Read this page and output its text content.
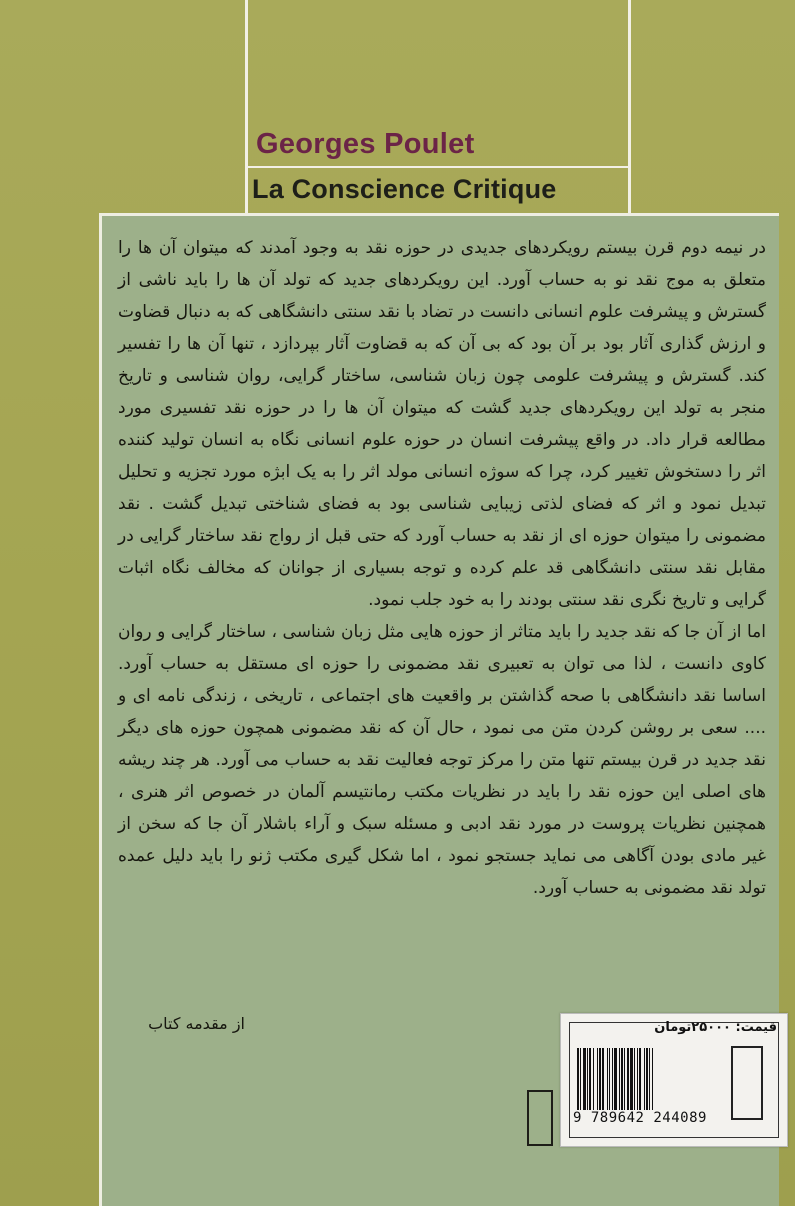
Georges Poulet
La Conscience Critique

در نیمه دوم قرن بیستم رویکردهای جدیدی در حوزه نقد به وجود آمدند که میتوان آن ها را متعلق به موج نقد نو به حساب آورد. این رویکردهای جدید که تولد آن ها را باید ناشی از گسترش و پیشرفت علوم انسانی دانست در تضاد با نقد سنتی دانشگاهی که به دنبال قضاوت و ارزش گذاری آثار بود بر آن بود که بی آن که به قضاوت آثار بپردازد ، تنها آن ها را تفسیر کند. گسترش و پیشرفت علومی چون زبان شناسی، ساختار گرایی، روان شناسی و تاریخ منجر به تولد این رویکردهای جدید گشت که میتوان آن ها را در حوزه نقد تفسیری مورد مطالعه قرار داد. در واقع پیشرفت انسان در حوزه علوم انسانی نگاه به انسان تولید کننده اثر را دستخوش تغییر کرد، چرا که سوژه انسانی مولد اثر را به یک ابژه مورد تجزیه و تحلیل تبدیل نمود و اثر که فضای لذتی زیبایی شناسی بود به فضای شناختی تبدیل گشت . نقد مضمونی را میتوان حوزه ای از نقد به حساب آورد که حتی قبل از رواج نقد ساختار گرایی در مقابل نقد سنتی دانشگاهی قد علم کرده و توجه بسیاری از جوانان که مخالف نگاه اثبات گرایی و تاریخ نگری نقد سنتی بودند را به خود جلب نمود.

اما از آن جا که نقد جدید را باید متاثر از حوزه هایی مثل زبان شناسی ، ساختار گرایی و روان کاوی دانست ، لذا می توان به تعبیری نقد مضمونی را حوزه ای مستقل به حساب آورد. اساسا نقد دانشگاهی با صحه گذاشتن بر واقعیت های اجتماعی ، تاریخی ، زندگی نامه ای و .... سعی بر روشن کردن متن می نمود ، حال آن که نقد مضمونی همچون حوزه های دیگر نقد جدید در قرن بیستم تنها متن را مرکز توجه فعالیت نقد به حساب می آورد. هر چند ریشه های اصلی این حوزه نقد را باید در نظریات مکتب رمانتیسم آلمان در خصوص اثر هنری ، همچنین نظریات پروست در مورد نقد ادبی و مسئله سبک و آراء باشلار آن جا که سخن از غیر مادی بودن آگاهی می نماید جستجو نمود ، اما شکل گیری مکتب ژنو را باید دلیل عمده تولد نقد مضمونی به حساب آورد.

از مقدمه کتاب	قیمت: ۲۵۰۰۰تومان
9 789642 244089
